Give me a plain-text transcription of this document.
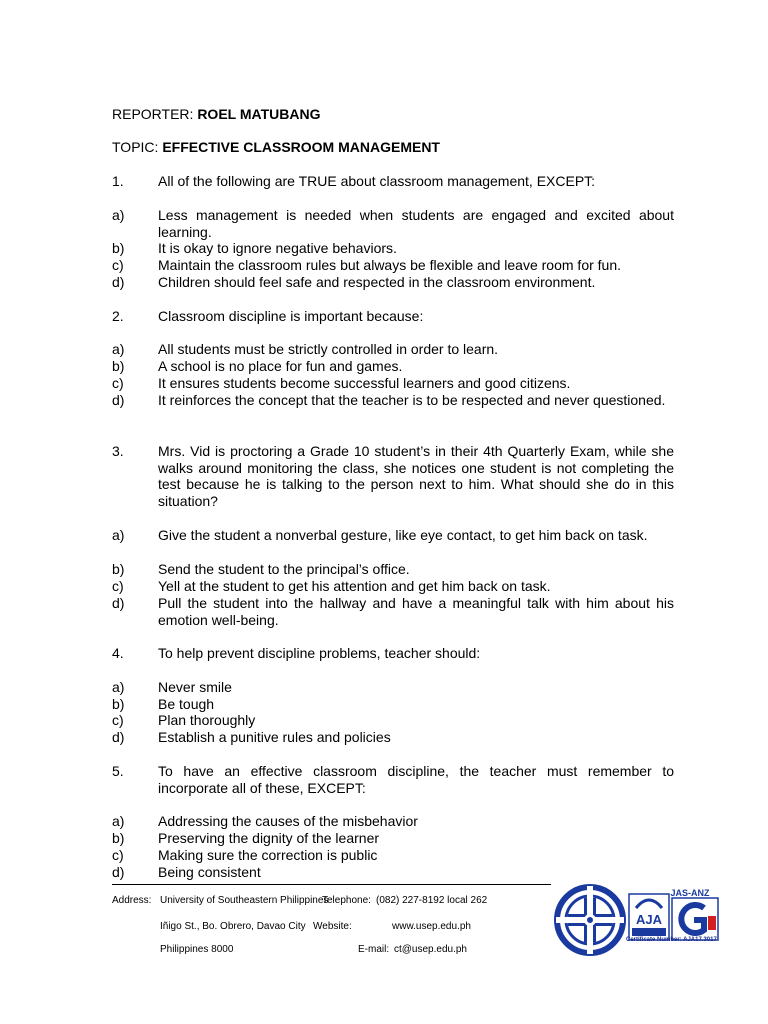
REPORTER: ROEL MATUBANG
TOPIC: EFFECTIVE CLASSROOM MANAGEMENT
1.	All of the following are TRUE about classroom management, EXCEPT:
a)	Less management is needed when students are engaged and excited about learning.
b)	It is okay to ignore negative behaviors.
c)	Maintain the classroom rules but always be flexible and leave room for fun.
d)	Children should feel safe and respected in the classroom environment.
2.	Classroom discipline is important because:
a)	All students must be strictly controlled in order to learn.
b)	A school is no place for fun and games.
c)	It ensures students become successful learners and good citizens.
d)	It reinforces the concept that the teacher is to be respected and never questioned.
3.	Mrs. Vid is proctoring a Grade 10 student’s in their 4th Quarterly Exam, while she walks around monitoring the class, she notices one student is not completing the test because he is talking to the person next to him. What should she do in this situation?
a)	Give the student a nonverbal gesture, like eye contact, to get him back on task.
b)	Send the student to the principal’s office.
c)	Yell at the student to get his attention and get him back on task.
d)	Pull the student into the hallway and have a meaningful talk with him about his emotion well-being.
4.	To help prevent discipline problems, teacher should:
a)	Never smile
b)	Be tough
c)	Plan thoroughly
d)	Establish a punitive rules and policies
5.	To have an effective classroom discipline, the teacher must remember to incorporate all of these, EXCEPT:
a)	Addressing the causes of the misbehavior
b)	Preserving the dignity of the learner
c)	Making sure the correction is public
d)	Being consistent
Address: University of Southeastern Philippines
Telephone: (082) 227-8192 local 262
Iñigo St., Bo. Obrero, Davao City Website:	www.usep.edu.ph
Philippines 8000	E-mail: ct@usep.edu.ph
JAS-ANZ
AJA
Certificate Number: AJA17.3017
